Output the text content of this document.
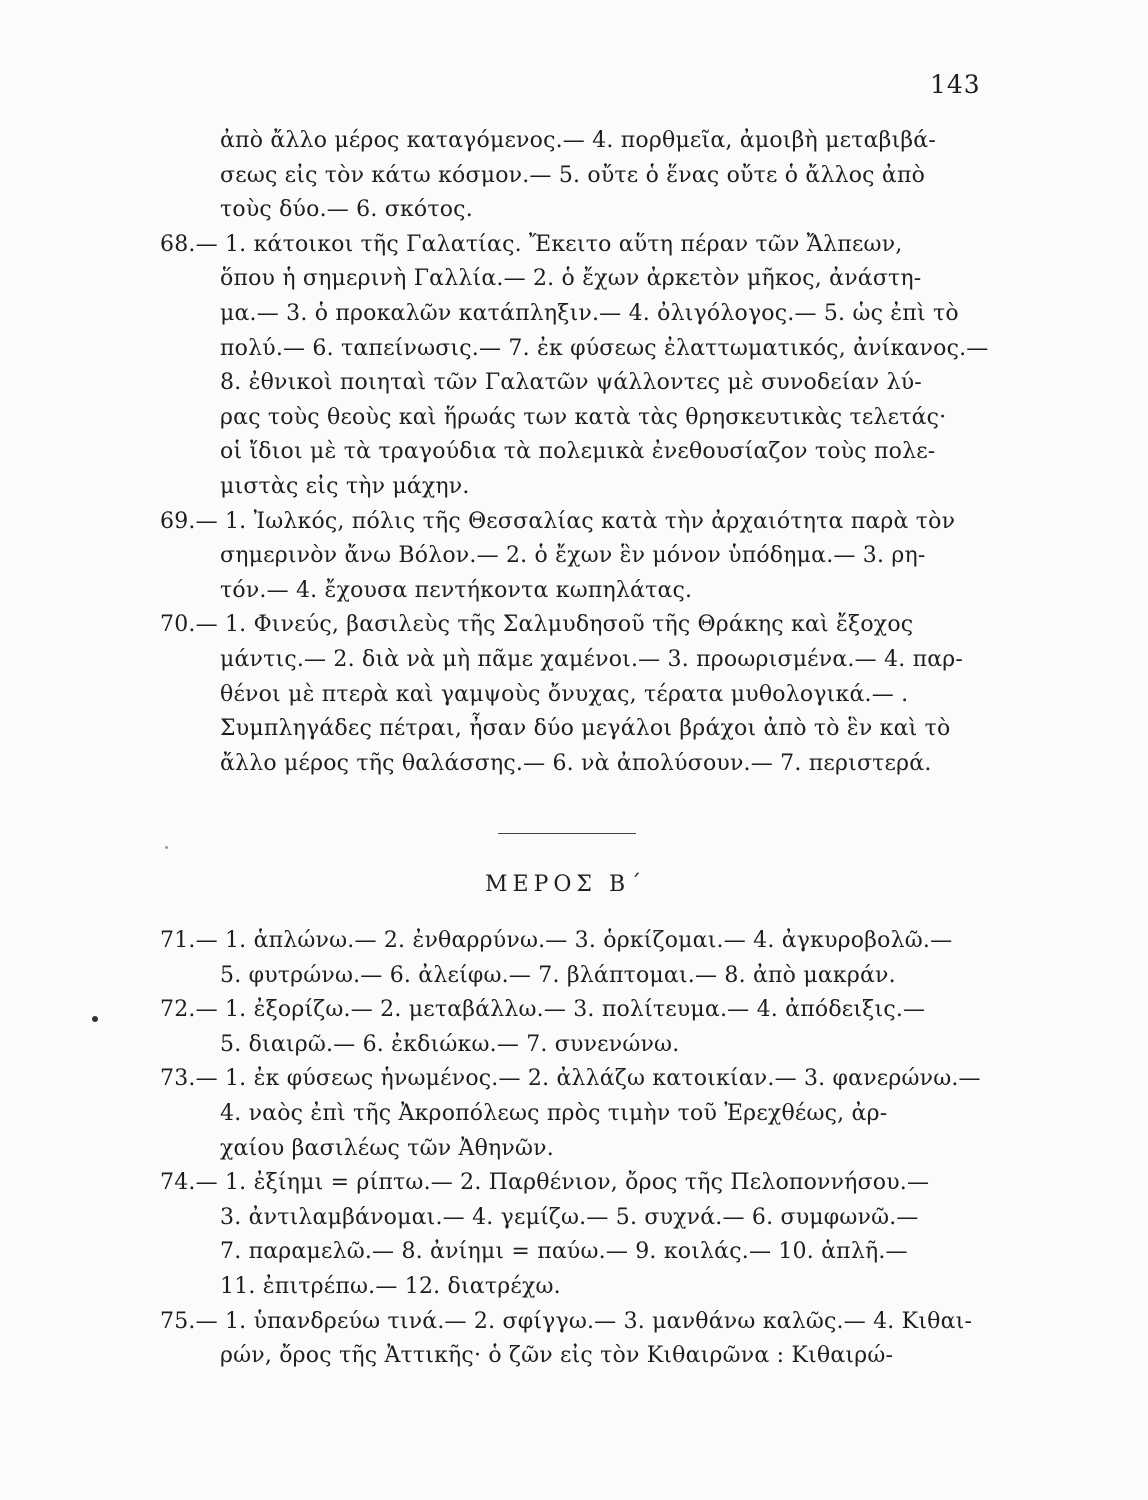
143
ἀπὸ ἄλλο μέρος καταγόμενος.— 4. πορθμεῖα, ἀμοιβὴ μεταβιβά-
σεως εἰς τὸν κάτω κόσμον.— 5. οὔτε ὁ ἕνας οὔτε ὁ ἄλλος ἀπὸ
τοὺς δύο.— 6. σκότος.
68.— 1. κάτοικοι τῆς Γαλατίας. Ἔκειτο αὕτη πέραν τῶν Ἄλπεων,
ὅπου ἡ σημερινὴ Γαλλία.— 2. ὁ ἔχων ἀρκετὸν μῆκος, ἀνάστη-
μα.— 3. ὁ προκαλῶν κατάπληξιν.— 4. ὀλιγόλογος.— 5. ὡς ἐπὶ τὸ
πολύ.— 6. ταπείνωσις.— 7. ἐκ φύσεως ἐλαττωματικός, ἀνίκανος.—
8. ἐθνικοὶ ποιηταὶ τῶν Γαλατῶν ψάλλοντες μὲ συνοδείαν λύ-
ρας τοὺς θεοὺς καὶ ἥρωάς των κατὰ τὰς θρησκευτικὰς τελετάς·
οἱ ἴδιοι μὲ τὰ τραγούδια τὰ πολεμικὰ ἐνεθουσίαζον τοὺς πολε-
μιστὰς εἰς τὴν μάχην.
69.— 1. Ἰωλκός, πόλις τῆς Θεσσαλίας κατὰ τὴν ἀρχαιότητα παρὰ τὸν
σημερινὸν ἄνω Βόλον.— 2. ὁ ἔχων ἓν μόνον ὑπόδημα.— 3. ρη-
τόν.— 4. ἔχουσα πεντήκοντα κωπηλάτας.
70.— 1. Φινεύς, βασιλεὺς τῆς Σαλμυδησοῦ τῆς Θράκης καὶ ἔξοχος
μάντις.— 2. διὰ νὰ μὴ πᾶμε χαμένοι.— 3. προωρισμένα.— 4. παρ-
θένοι μὲ πτερὰ καὶ γαμψοὺς ὄνυχας, τέρατα μυθολογικά.— .
Συμπληγάδες πέτραι, ἦσαν δύο μεγάλοι βράχοι ἀπὸ τὸ ἓν καὶ τὸ
ἄλλο μέρος τῆς θαλάσσης.— 6. νὰ ἀπολύσουν.— 7. περιστερά.
ΜΕΡΟΣ Β΄
71.— 1. ἁπλώνω.— 2. ἐνθαρρύνω.— 3. ὁρκίζομαι.— 4. ἀγκυροβολῶ.—
5. φυτρώνω.— 6. ἀλείφω.— 7. βλάπτομαι.— 8. ἀπὸ μακράν.
72.— 1. ἐξορίζω.— 2. μεταβάλλω.— 3. πολίτευμα.— 4. ἀπόδειξις.—
5. διαιρῶ.— 6. ἐκδιώκω.— 7. συνενώνω.
73.— 1. ἐκ φύσεως ἡνωμένος.— 2. ἀλλάζω κατοικίαν.— 3. φανερώνω.—
4. ναὸς ἐπὶ τῆς Ἀκροπόλεως πρὸς τιμὴν τοῦ Ἐρεχθέως, ἀρ-
χαίου βασιλέως τῶν Ἀθηνῶν.
74.— 1. ἐξίημι = ρίπτω.— 2. Παρθένιον, ὄρος τῆς Πελοποννήσου.—
3. ἀντιλαμβάνομαι.— 4. γεμίζω.— 5. συχνά.— 6. συμφωνῶ.—
7. παραμελῶ.— 8. ἀνίημι = παύω.— 9. κοιλάς.— 10. ἁπλῆ.—
11. ἐπιτρέπω.— 12. διατρέχω.
75.— 1. ὑπανδρεύω τινά.— 2. σφίγγω.— 3. μανθάνω καλῶς.— 4. Κιθαι-
ρών, ὄρος τῆς Ἀττικῆς· ὁ ζῶν εἰς τὸν Κιθαιρῶνα : Κιθαιρώ-
